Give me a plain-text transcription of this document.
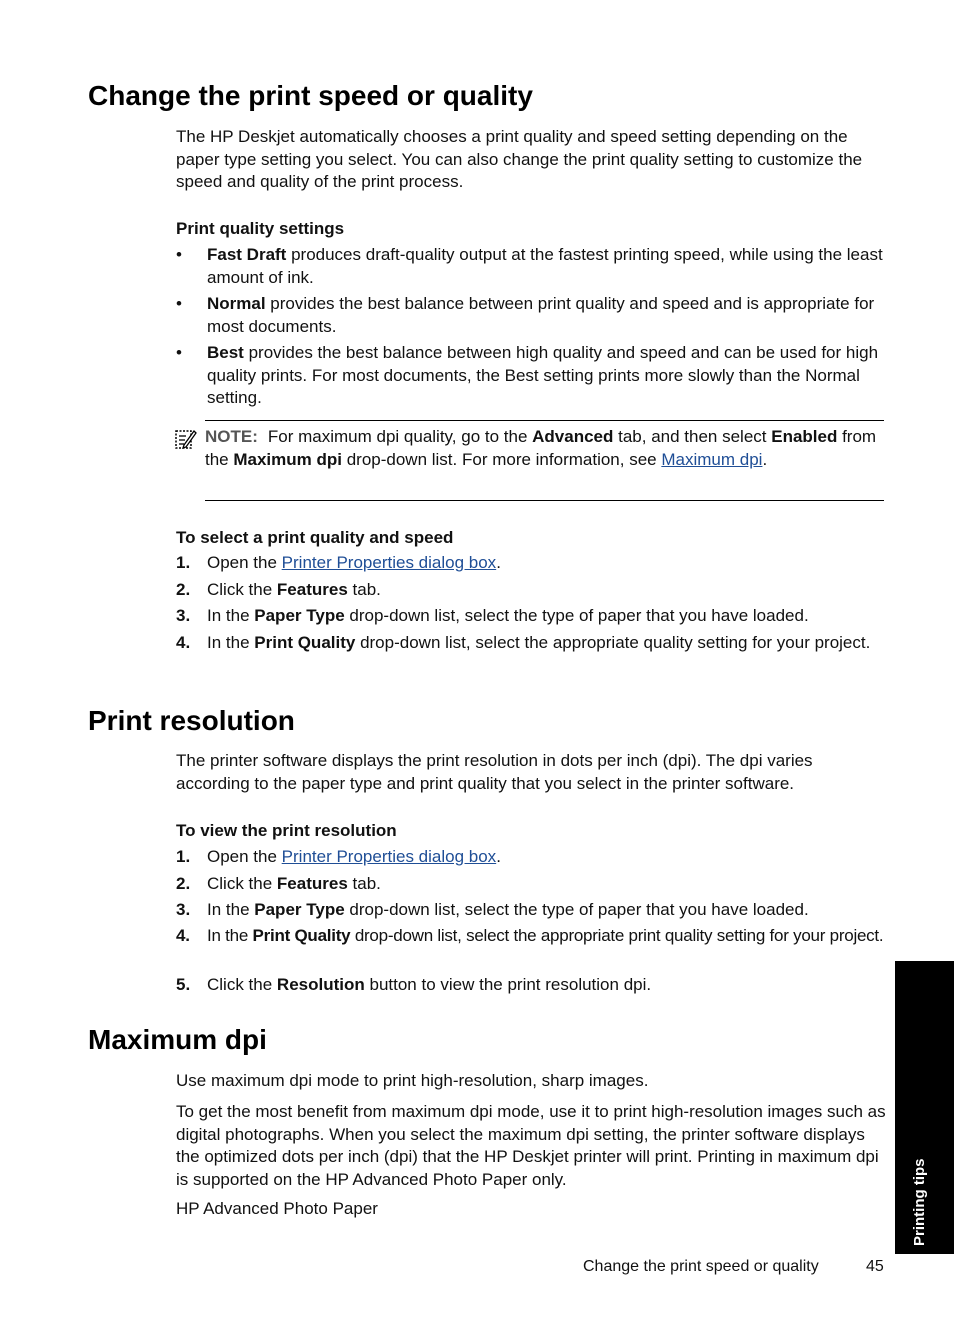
Change the print speed or quality

The HP Deskjet automatically chooses a print quality and speed setting depending on the paper type setting you select. You can also change the print quality setting to customize the speed and quality of the print process.

Print quality settings

• Fast Draft produces draft-quality output at the fastest printing speed, while using the least amount of ink.
• Normal provides the best balance between print quality and speed and is appropriate for most documents.
• Best provides the best balance between high quality and speed and can be used for high quality prints. For most documents, the Best setting prints more slowly than the Normal setting.
NOTE: For maximum dpi quality, go to the Advanced tab, and then select Enabled from the Maximum dpi drop-down list. For more information, see Maximum dpi.

To select a print quality and speed

1. Open the Printer Properties dialog box.
2. Click the Features tab.
3. In the Paper Type drop-down list, select the type of paper that you have loaded.
4. In the Print Quality drop-down list, select the appropriate quality setting for your project.
Print resolution

The printer software displays the print resolution in dots per inch (dpi). The dpi varies according to the paper type and print quality that you select in the printer software.

To view the print resolution

1. Open the Printer Properties dialog box.
2. Click the Features tab.
3. In the Paper Type drop-down list, select the type of paper that you have loaded.
4. In the Print Quality drop-down list, select the appropriate print quality setting for your project.
5. Click the Resolution button to view the print resolution dpi.
Maximum dpi

Use maximum dpi mode to print high-resolution, sharp images.

To get the most benefit from maximum dpi mode, use it to print high-resolution images such as digital photographs. When you select the maximum dpi setting, the printer software displays the optimized dots per inch (dpi) that the HP Deskjet printer will print. Printing in maximum dpi is supported on the HP Advanced Photo Paper only.

HP Advanced Photo Paper	Printing tips
Change the print speed or quality	45
